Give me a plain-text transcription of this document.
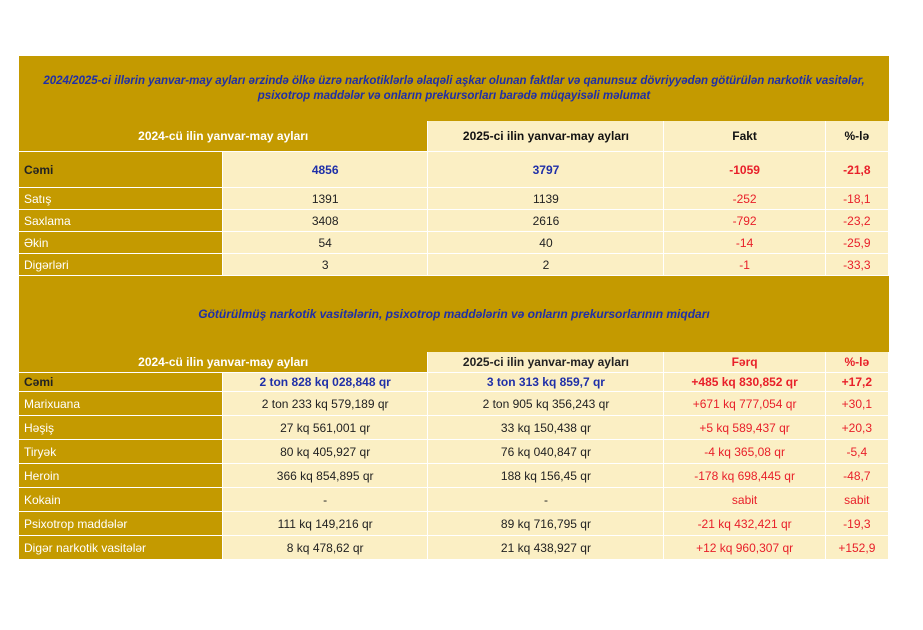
2024/2025-ci illərin yanvar-may ayları ərzində ölkə üzrə narkotiklərlə əlaqəli aşkar olunan faktlar və qanunsuz dövriyyədən götürülən narkotik vasitələr, psixotrop maddələr və onların prekursorları barədə müqayisəli məlumat
2024-cü ilin yanvar-may ayları		2025-ci ilin yanvar-may ayları	Fakt	%-lə
Cəmi	4856	3797	-1059	-21,8
Satış	1391	1139	-252	-18,1
Saxlama	3408	2616	-792	-23,2
Əkin	54	40	-14	-25,9
Digərləri	3	2	-1	-33,3
Götürülmüş narkotik vasitələrin, psixotrop maddələrin və onların prekursorlarının miqdarı
2024-cü ilin yanvar-may ayları		2025-ci ilin yanvar-may ayları	Fərq	%-lə
Cəmi	2 ton 828 kq 028,848 qr	3 ton 313 kq 859,7 qr	+485 kq 830,852 qr	+17,2
Marixuana	2 ton 233 kq 579,189 qr	2 ton 905 kq 356,243 qr	+671 kq 777,054 qr	+30,1
Həşiş	27 kq 561,001 qr	33 kq 150,438 qr	+5 kq 589,437 qr	+20,3
Tiryək	80 kq 405,927 qr	76 kq 040,847 qr	-4 kq 365,08 qr	-5,4
Heroin	366 kq 854,895 qr	188 kq 156,45 qr	-178 kq 698,445 qr	-48,7
Kokain	-	-	sabit	sabit
Psixotrop maddələr	111 kq 149,216 qr	89 kq 716,795 qr	-21 kq 432,421 qr	-19,3
Digər narkotik vasitələr	8 kq 478,62 qr	21 kq 438,927 qr	+12 kq 960,307 qr	+152,9
